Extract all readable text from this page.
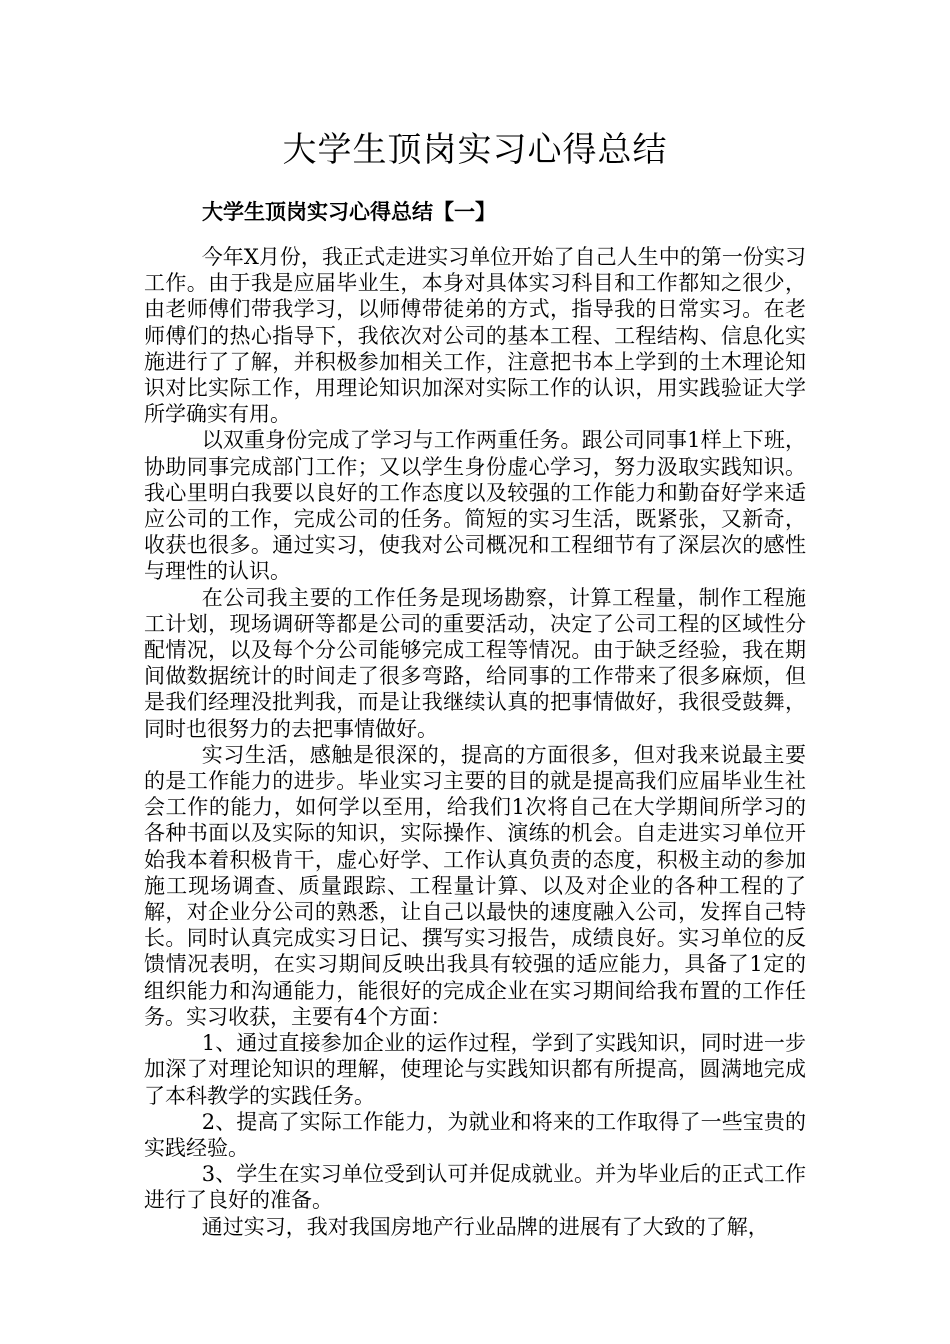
大学生顶岗实习心得总结
大学生顶岗实习心得总结【一】

今年X月份，我正式走进实习单位开始了自己人生中的第一份实习工作。由于我是应届毕业生，本身对具体实习科目和工作都知之很少，由老师傅们带我学习，以师傅带徒弟的方式，指导我的日常实习。在老师傅们的热心指导下，我依次对公司的基本工程、工程结构、信息化实施进行了了解，并积极参加相关工作，注意把书本上学到的土木理论知识对比实际工作，用理论知识加深对实际工作的认识，用实践验证大学所学确实有用。

以双重身份完成了学习与工作两重任务。跟公司同事1样上下班，协助同事完成部门工作；又以学生身份虚心学习，努力汲取实践知识。我心里明白我要以良好的工作态度以及较强的工作能力和勤奋好学来适应公司的工作，完成公司的任务。简短的实习生活，既紧张，又新奇，收获也很多。通过实习，使我对公司概况和工程细节有了深层次的感性与理性的认识。

在公司我主要的工作任务是现场勘察，计算工程量，制作工程施工计划，现场调研等都是公司的重要活动，决定了公司工程的区域性分配情况，以及每个分公司能够完成工程等情况。由于缺乏经验，我在期间做数据统计的时间走了很多弯路，给同事的工作带来了很多麻烦，但是我们经理没批判我，而是让我继续认真的把事情做好，我很受鼓舞，同时也很努力的去把事情做好。

实习生活，感触是很深的，提高的方面很多，但对我来说最主要的是工作能力的进步。毕业实习主要的目的就是提高我们应届毕业生社会工作的能力，如何学以至用，给我们1次将自己在大学期间所学习的各种书面以及实际的知识，实际操作、演练的机会。自走进实习单位开始我本着积极肯干，虚心好学、工作认真负责的态度，积极主动的参加施工现场调查、质量跟踪、工程量计算、以及对企业的各种工程的了解，对企业分公司的熟悉，让自己以最快的速度融入公司，发挥自己特长。同时认真完成实习日记、撰写实习报告，成绩良好。实习单位的反馈情况表明，在实习期间反映出我具有较强的适应能力，具备了1定的组织能力和沟通能力，能很好的完成企业在实习期间给我布置的工作任务。实习收获，主要有4个方面：

1、通过直接参加企业的运作过程，学到了实践知识，同时进一步加深了对理论知识的理解，使理论与实践知识都有所提高，圆满地完成了本科教学的实践任务。

2、提高了实际工作能力，为就业和将来的工作取得了一些宝贵的实践经验。

3、学生在实习单位受到认可并促成就业。并为毕业后的正式工作进行了良好的准备。

通过实习，我对我国房地产行业品牌的进展有了大致的了解，
